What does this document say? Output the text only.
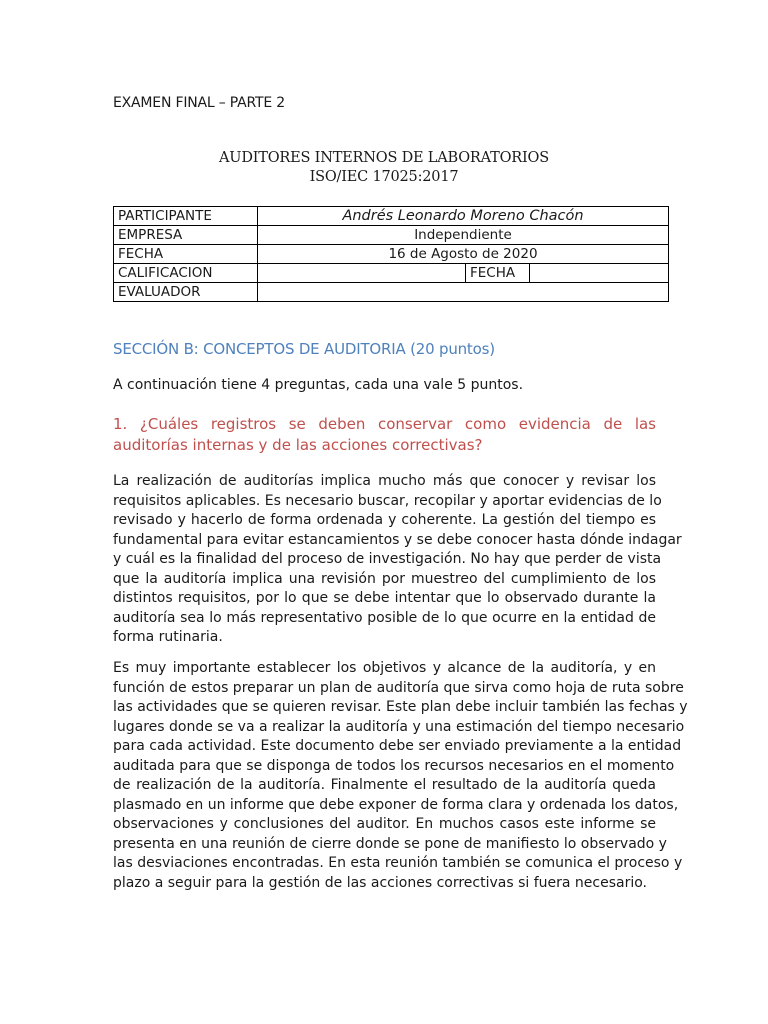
EXAMEN FINAL – PARTE 2
AUDITORES INTERNOS DE LABORATORIOS
ISO/IEC 17025:2017
PARTICIPANTE	Andrés Leonardo Moreno Chacón		
EMPRESA	Independiente		
FECHA	16 de Agosto de 2020		
CALIFICACION		FECHA	
EVALUADOR			
SECCIÓN B: CONCEPTOS DE AUDITORIA (20 puntos)
A continuación tiene 4 preguntas, cada una vale 5 puntos.
1. ¿Cuáles registros se deben conservar como evidencia de las auditorías internas y de las acciones correctivas?
La realización de auditorías implica mucho más que conocer y revisar los
requisitos aplicables. Es necesario buscar, recopilar y aportar evidencias de lo
revisado y hacerlo de forma ordenada y coherente. La gestión del tiempo es
fundamental para evitar estancamientos y se debe conocer hasta dónde indagar
y cuál es la finalidad del proceso de investigación. No hay que perder de vista
que la auditoría implica una revisión por muestreo del cumplimiento de los
distintos requisitos, por lo que se debe intentar que lo observado durante la
auditoría sea lo más representativo posible de lo que ocurre en la entidad de
forma rutinaria.
Es muy importante establecer los objetivos y alcance de la auditoría, y en
función de estos preparar un plan de auditoría que sirva como hoja de ruta sobre
las actividades que se quieren revisar. Este plan debe incluir también las fechas y
lugares donde se va a realizar la auditoría y una estimación del tiempo necesario
para cada actividad. Este documento debe ser enviado previamente a la entidad
auditada para que se disponga de todos los recursos necesarios en el momento
de realización de la auditoría. Finalmente el resultado de la auditoría queda
plasmado en un informe que debe exponer de forma clara y ordenada los datos,
observaciones y conclusiones del auditor. En muchos casos este informe se
presenta en una reunión de cierre donde se pone de manifiesto lo observado y
las desviaciones encontradas. En esta reunión también se comunica el proceso y
plazo a seguir para la gestión de las acciones correctivas si fuera necesario.
